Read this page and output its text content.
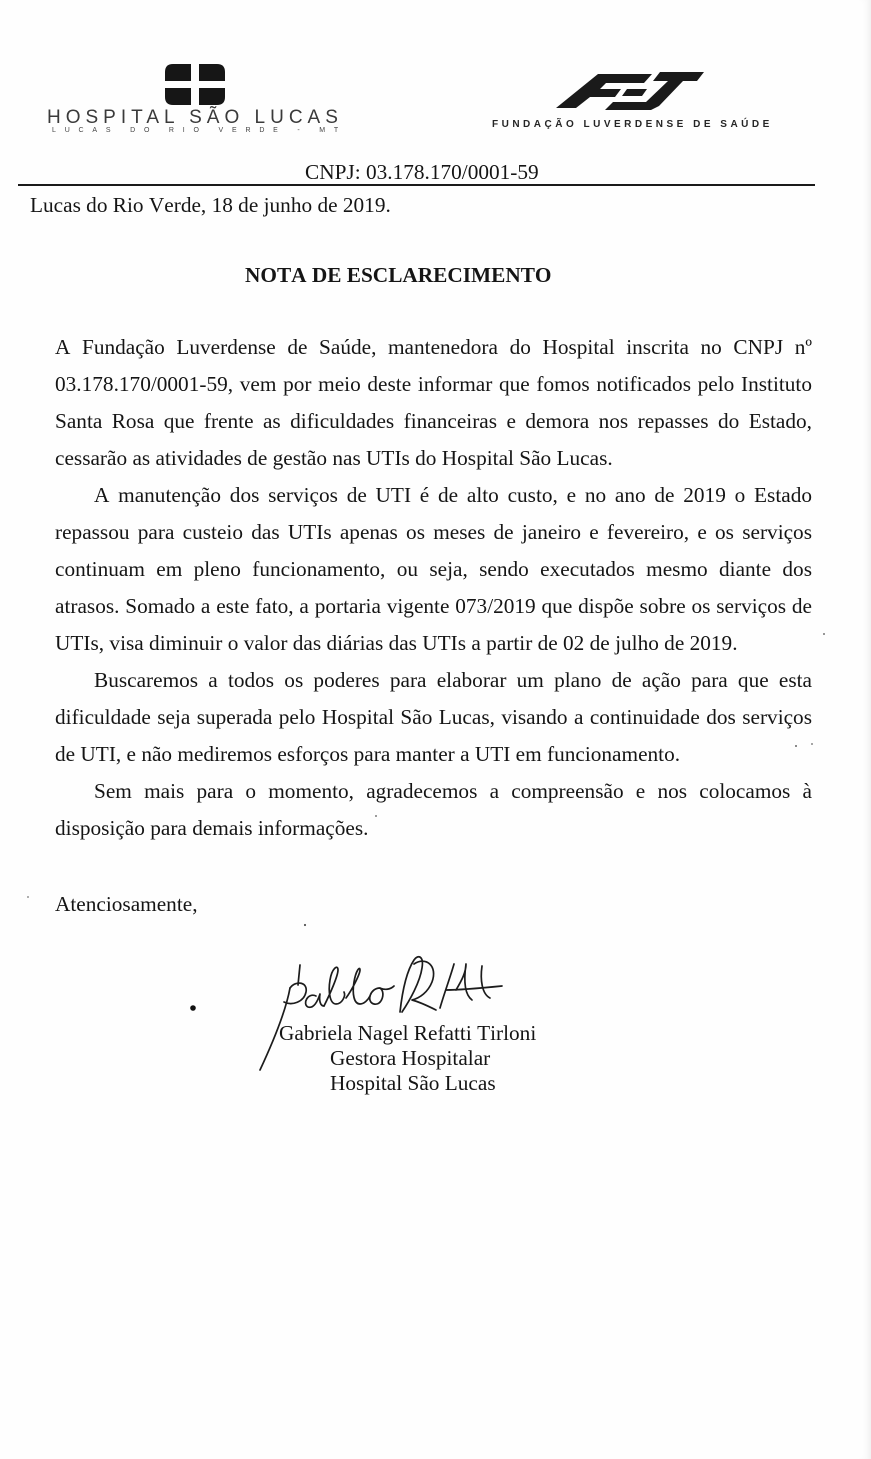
HOSPITAL SÃO LUCAS
LUCAS DO RIO VERDE - MT
FUNDAÇÃO LUVERDENSE DE SAÚDE
CNPJ: 03.178.170/0001-59
Lucas do Rio Verde, 18 de junho de 2019.
NOTA DE ESCLARECIMENTO

A Fundação Luverdense de Saúde, mantenedora do Hospital inscrita no CNPJ nº 03.178.170/0001-59, vem por meio deste informar que fomos notificados pelo Instituto Santa Rosa que frente as dificuldades financeiras e demora nos repasses do Estado, cessarão as atividades de gestão nas UTIs do Hospital São Lucas.

A manutenção dos serviços de UTI é de alto custo, e no ano de 2019 o Estado repassou para custeio das UTIs apenas os meses de janeiro e fevereiro, e os serviços continuam em pleno funcionamento, ou seja, sendo executados mesmo diante dos atrasos. Somado a este fato, a portaria vigente 073/2019 que dispõe sobre os serviços de UTIs, visa diminuir o valor das diárias das UTIs a partir de 02 de julho de 2019.

Buscaremos a todos os poderes para elaborar um plano de ação para que esta dificuldade seja superada pelo Hospital São Lucas, visando a continuidade dos serviços de UTI, e não mediremos esforços para manter a UTI em funcionamento.

Sem mais para o momento, agradecemos a compreensão e nos colocamos à disposição para demais informações.

Atenciosamente,
Gabriela Nagel Refatti Tirloni
Gestora Hospitalar
Hospital São Lucas
